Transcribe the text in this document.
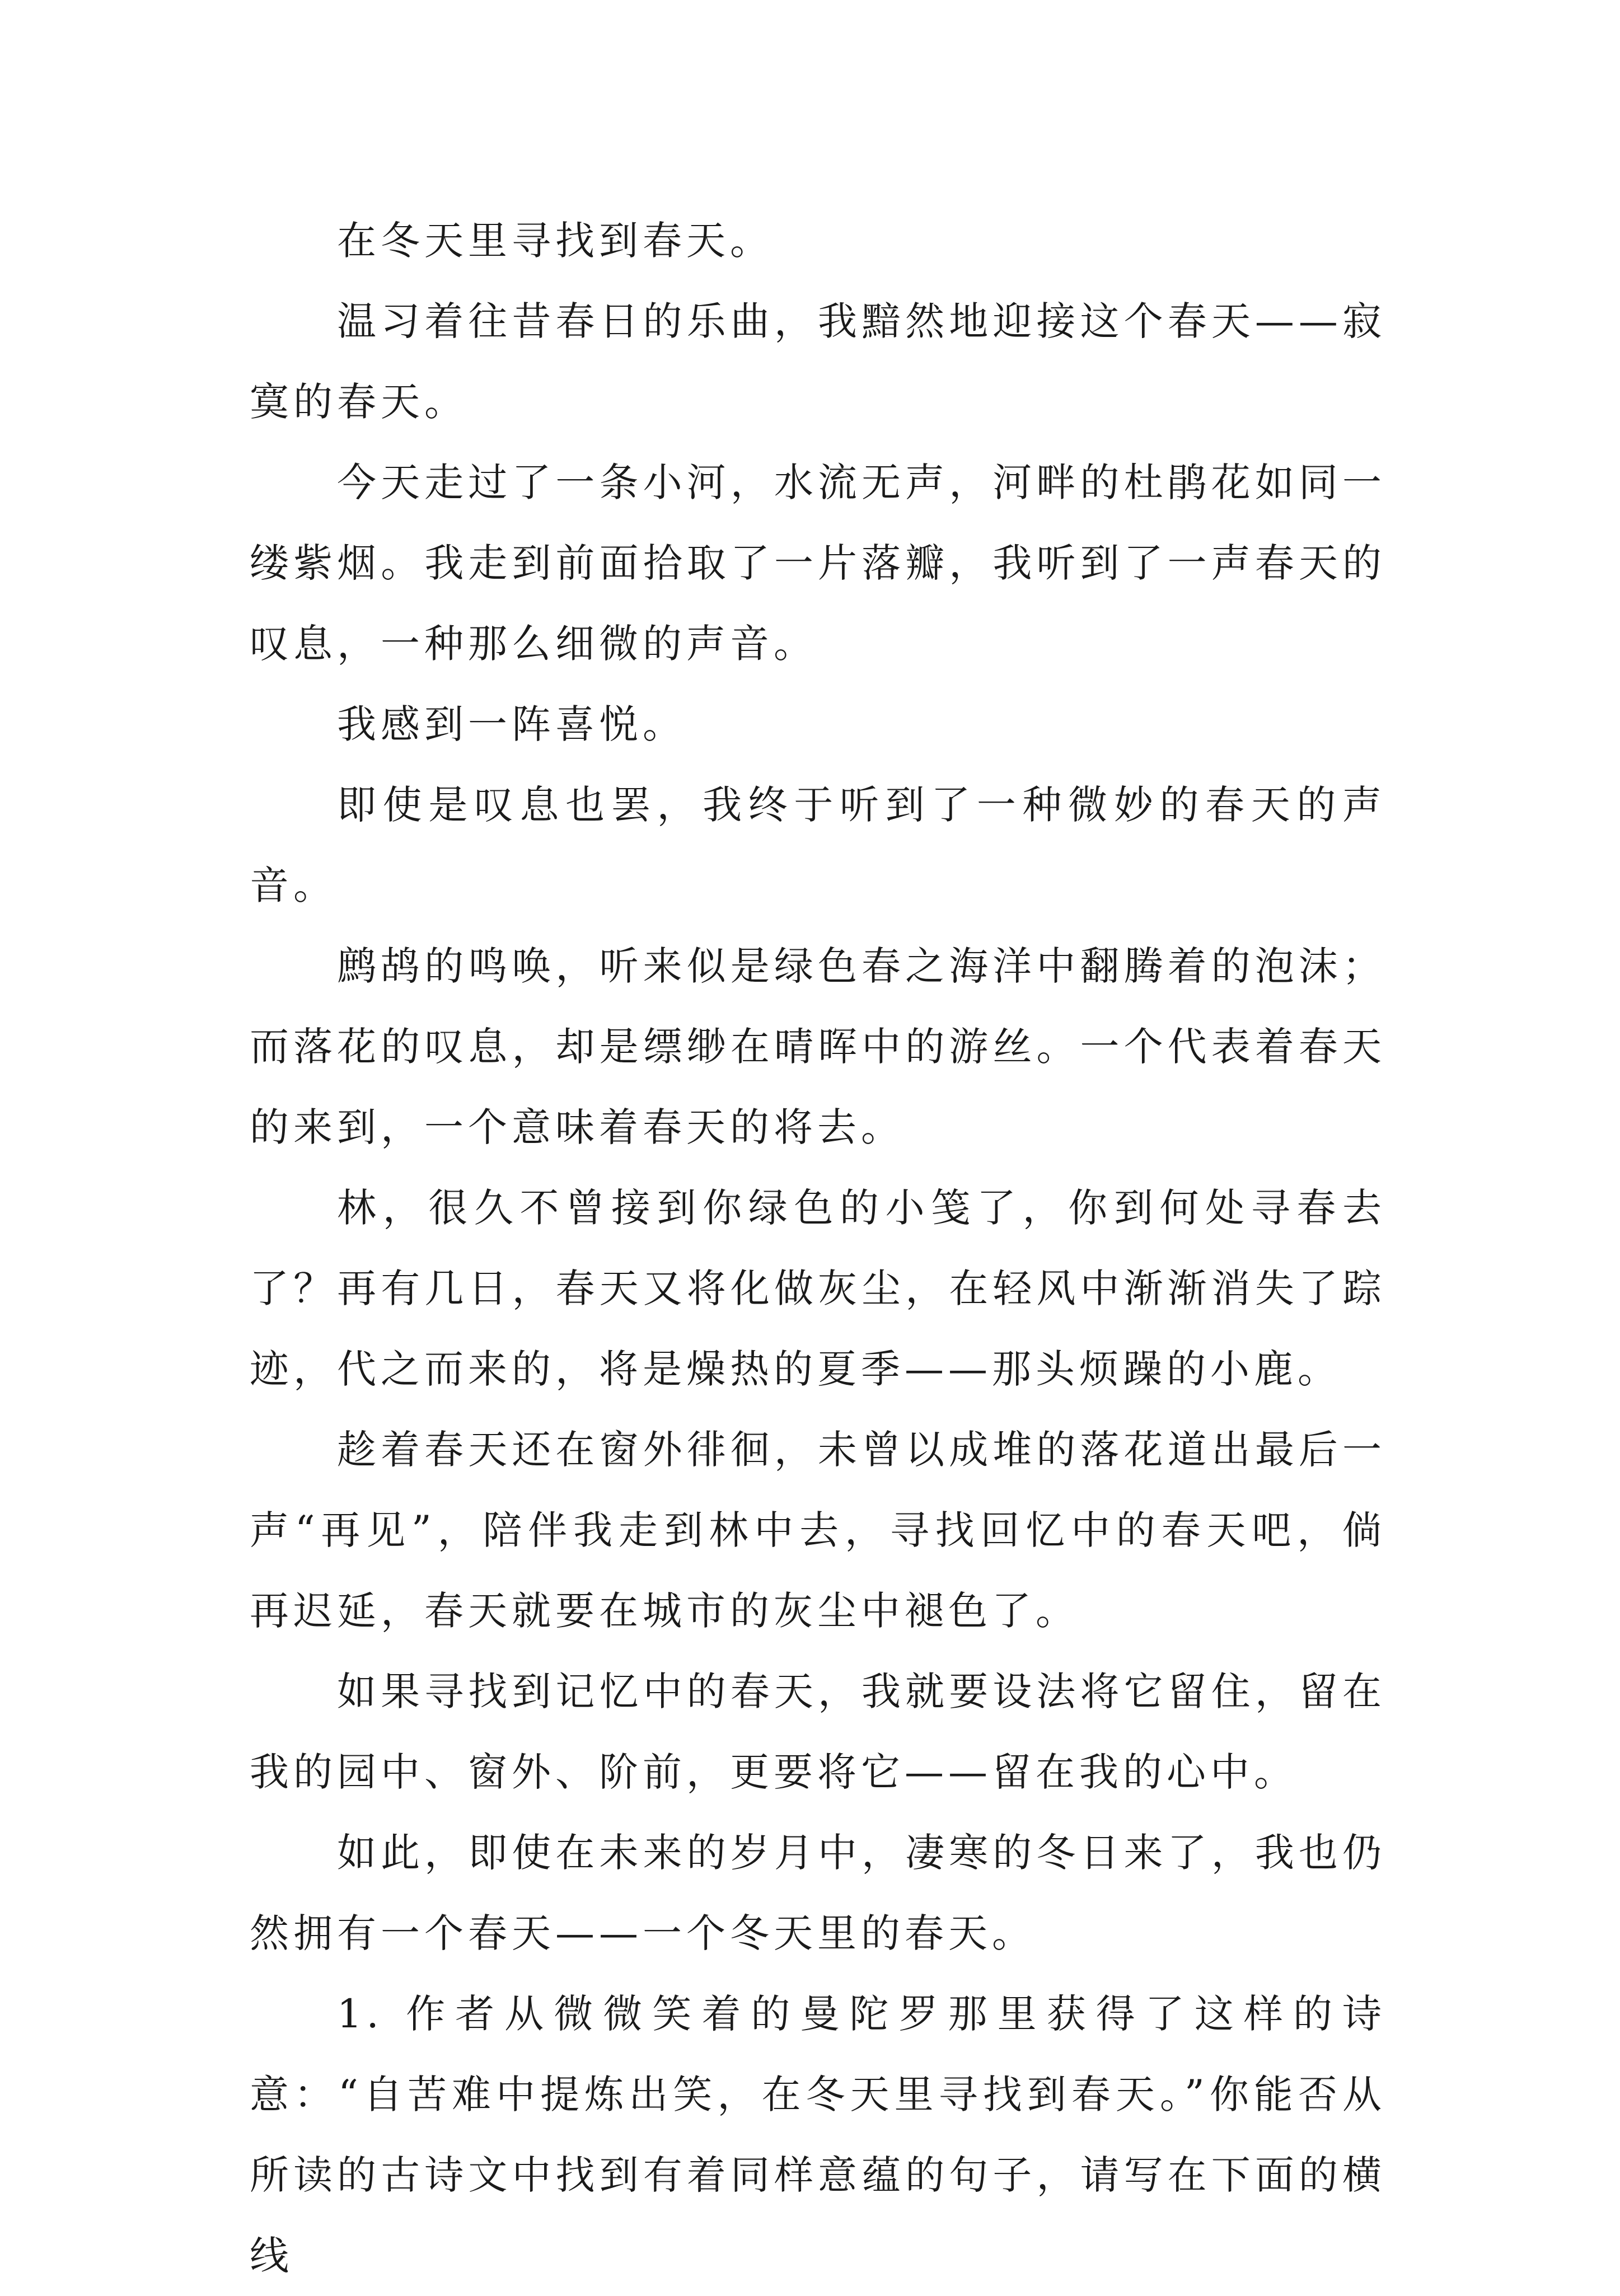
在冬天里寻找到春天。

温习着往昔春日的乐曲，我黯然地迎接这个春天——寂寞的春天。

今天走过了一条小河，水流无声，河畔的杜鹃花如同一缕紫烟。我走到前面拾取了一片落瓣，我听到了一声春天的叹息，一种那么细微的声音。

我感到一阵喜悦。

即使是叹息也罢，我终于听到了一种微妙的春天的声音。

鹧鸪的鸣唤，听来似是绿色春之海洋中翻腾着的泡沫；而落花的叹息，却是缥缈在晴晖中的游丝。一个代表着春天的来到，一个意味着春天的将去。

林，很久不曾接到你绿色的小笺了，你到何处寻春去了？再有几日，春天又将化做灰尘，在轻风中渐渐消失了踪迹，代之而来的，将是燥热的夏季——那头烦躁的小鹿。

趁着春天还在窗外徘徊，未曾以成堆的落花道出最后一声“再见”，陪伴我走到林中去，寻找回忆中的春天吧，倘再迟延，春天就要在城市的灰尘中褪色了。

如果寻找到记忆中的春天，我就要设法将它留住，留在我的园中、窗外、阶前，更要将它——留在我的心中。

如此，即使在未来的岁月中，凄寒的冬日来了，我也仍然拥有一个春天——一个冬天里的春天。

1. 作者从微微笑着的曼陀罗那里获得了这样的诗意：“自苦难中提炼出笑，在冬天里寻找到春天。”你能否从所读的古诗文中找到有着同样意蕴的句子，请写在下面的横线
